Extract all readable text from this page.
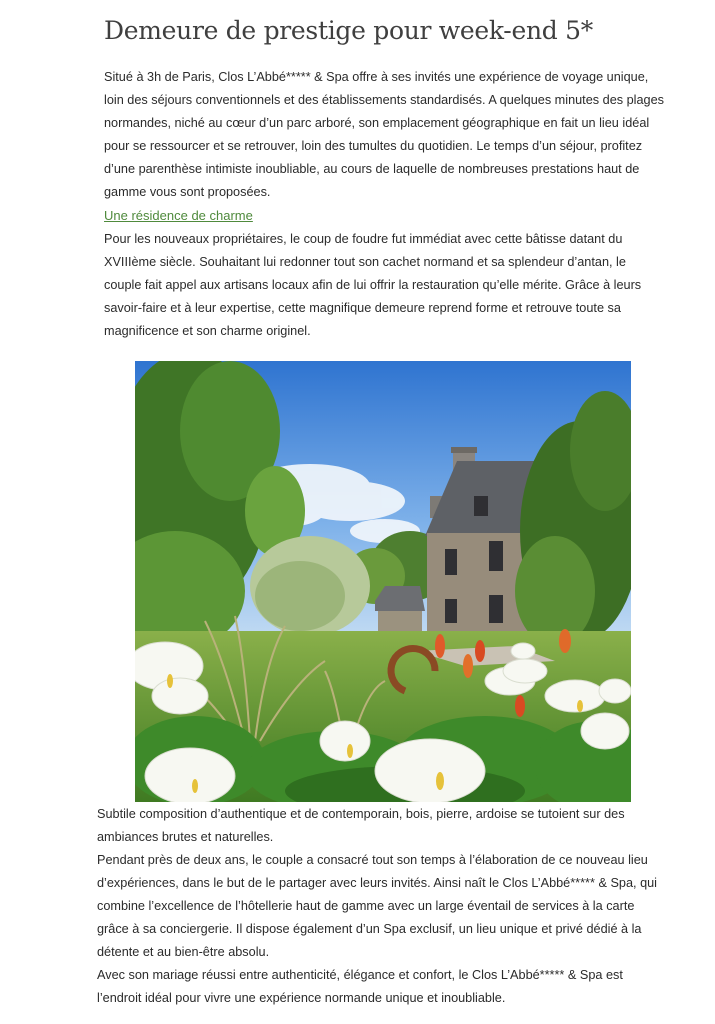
Demeure de prestige pour week-end 5*

Situé à 3h de Paris, Clos L’Abbé***** & Spa offre à ses invités une expérience de voyage unique, loin des séjours conventionnels et des établissements standardisés. A quelques minutes des plages normandes, niché au cœur d’un parc arboré, son emplacement géographique en fait un lieu idéal pour se ressourcer et se retrouver, loin des tumultes du quotidien. Le temps d’un séjour, profitez d’une parenthèse intimiste inoubliable, au cours de laquelle de nombreuses prestations haut de gamme vous sont proposées.

Une résidence de charme

Pour les nouveaux propriétaires, le coup de foudre fut immédiat avec cette bâtisse datant du XVIIIème siècle. Souhaitant lui redonner tout son cachet normand et sa splendeur d’antan, le couple fait appel aux artisans locaux afin de lui offrir la restauration qu’elle mérite. Grâce à leurs savoir-faire et à leur expertise, cette magnifique demeure reprend forme et retrouve toute sa magnificence et son charme originel.

Subtile composition d’authentique et de contemporain, bois, pierre, ardoise se tutoient sur des ambiances brutes et naturelles.

Pendant près de deux ans, le couple a consacré tout son temps à l’élaboration de ce nouveau lieu d’expériences, dans le but de le partager avec leurs invités. Ainsi naît le Clos L’Abbé***** & Spa, qui combine l’excellence de l’hôtellerie haut de gamme avec un large éventail de services à la carte grâce à sa conciergerie. Il dispose également d’un Spa exclusif, un lieu unique et privé dédié à la détente et au bien-être absolu.

Avec son mariage réussi entre authenticité, élégance et confort, le Clos L’Abbé***** & Spa est l’endroit idéal pour vivre une expérience normande unique et inoubliable.
